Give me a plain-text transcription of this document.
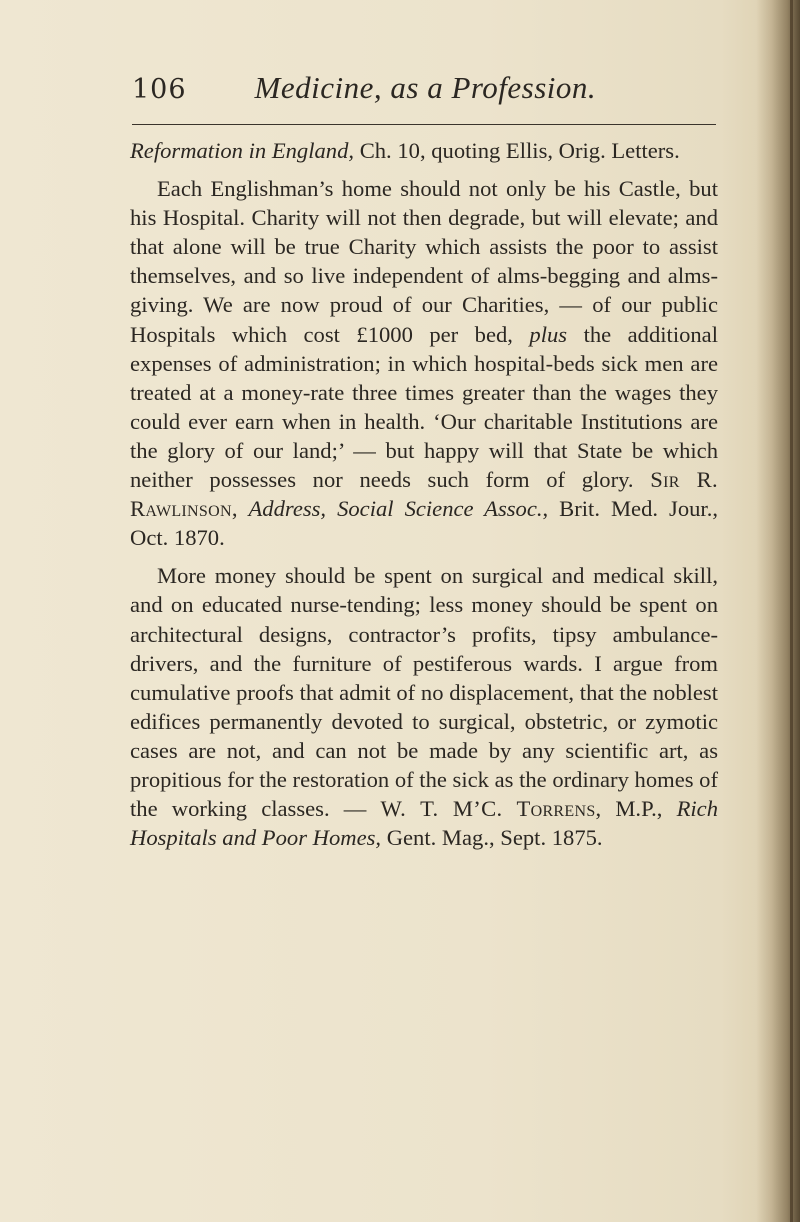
106 Medicine, as a Profession.

Reformation in England, Ch. 10, quoting Ellis, Orig. Letters.

Each Englishman’s home should not only be his Castle, but his Hospital. Charity will not then degrade, but will elevate; and that alone will be true Charity which assists the poor to assist themselves, and so live independent of alms-begging and alms-giving. We are now proud of our Charities, — of our public Hospitals which cost £1000 per bed, plus the additional expenses of administration; in which hospital-beds sick men are treated at a money-rate three times greater than the wages they could ever earn when in health. ‘Our charitable Institutions are the glory of our land;’ — but happy will that State be which neither possesses nor needs such form of glory. Sir R. Rawlinson, Address, Social Science Assoc., Brit. Med. Jour., Oct. 1870.

More money should be spent on surgical and medical skill, and on educated nurse-tending; less money should be spent on architectural designs, contractor’s profits, tipsy ambulance-drivers, and the furniture of pestiferous wards. I argue from cumulative proofs that admit of no displacement, that the noblest edifices permanently devoted to surgical, obstetric, or zymotic cases are not, and can not be made by any scientific art, as propitious for the restoration of the sick as the ordinary homes of the working classes. — W. T. M’C. Torrens, M.P., Rich Hospitals and Poor Homes, Gent. Mag., Sept. 1875.
